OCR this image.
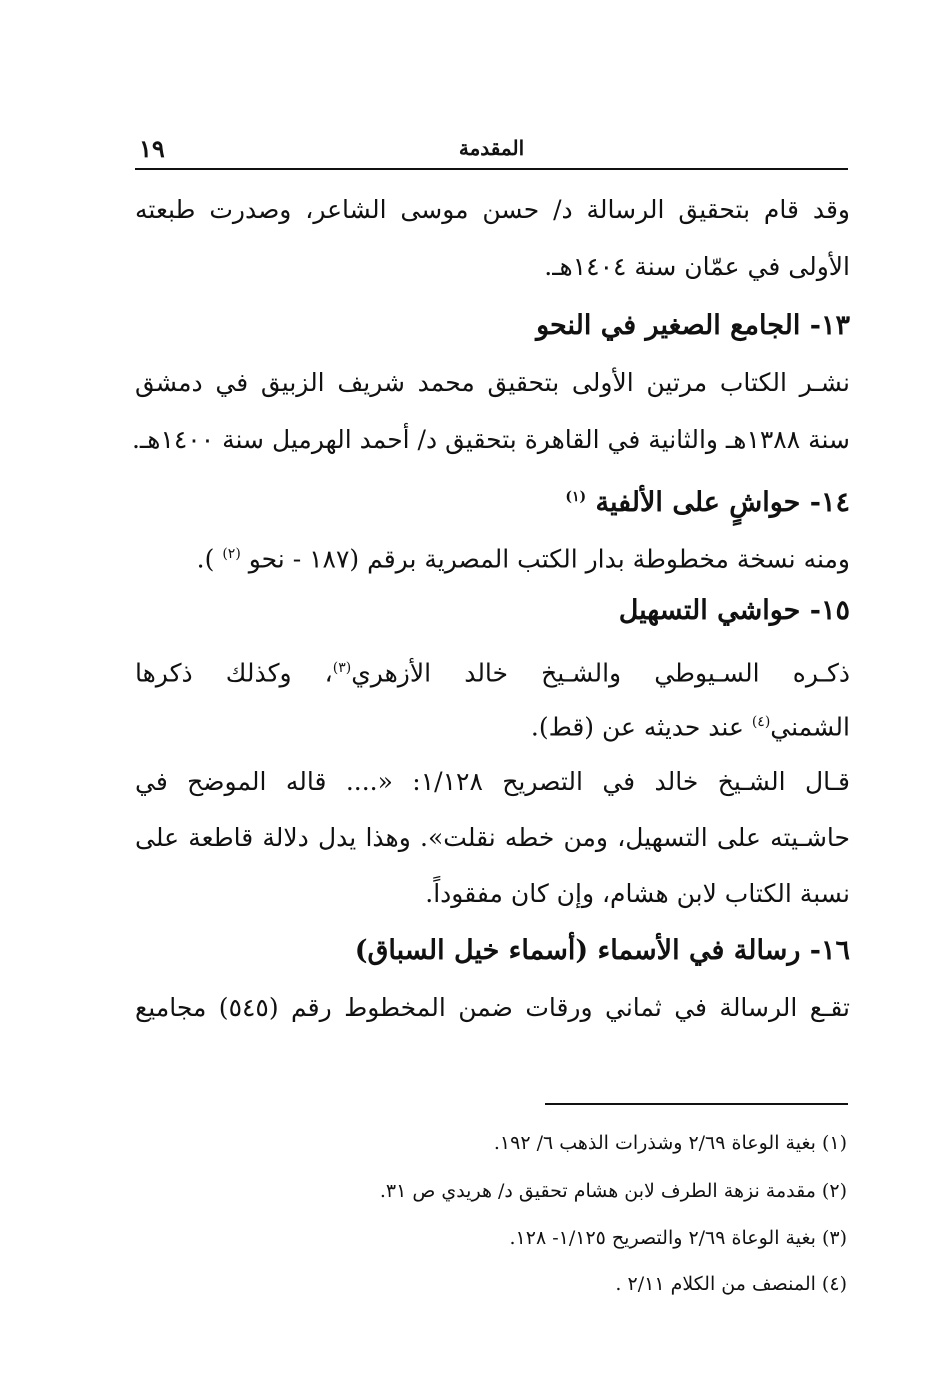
المقدمة
١٩
وقد قام بتحقيق الرسالة د/ حسن موسى الشاعر، وصدرت طبعته
الأولى في عمّان سنة ١٤٠٤هـ.
١٣- الجامع الصغير في النحو
نشـر الكتاب مرتين الأولى بتحقيق محمد شريف الزبيق في دمشق
سنة ١٣٨٨هـ والثانية في القاهرة بتحقيق د/ أحمد الهرميل سنة ١٤٠٠هـ.
١٤- حواشٍ على الألفية $^{(١)}$
ومنه نسخة مخطوطة بدار الكتب المصرية برقم (١٨٧ - نحو $^{(٢)}$ ).
١٥- حواشي التسهيل
ذكـره السـيوطي والشـيخ خالد الأزهري$^{(٣)}$، وكذلك ذكرها
الشمني$^{(٤)}$ عند حديثه عن (قط).
قـال الشـيخ خالد في التصريح ١/١٢٨: «.... قاله الموضح في
حاشـيته على التسهيل، ومن خطه نقلت». وهذا يدل دلالة قاطعة على
نسبة الكتاب لابن هشام، وإن كان مفقوداً.
١٦- رسالة في الأسماء (أسماء خيل السباق)
تقـع الرسالة في ثماني ورقات ضمن المخطوط رقم (٥٤٥) مجاميع
(١) بغية الوعاة ٢/٦٩ وشذرات الذهب ٦/ ١٩٢.
(٢) مقدمة نزهة الطرف لابن هشام تحقيق د/ هريدي ص ٣١.
(٣) بغية الوعاة ٢/٦٩ والتصريح ١/١٢٥- ١٢٨.
(٤) المنصف من الكلام ٢/١١ .
